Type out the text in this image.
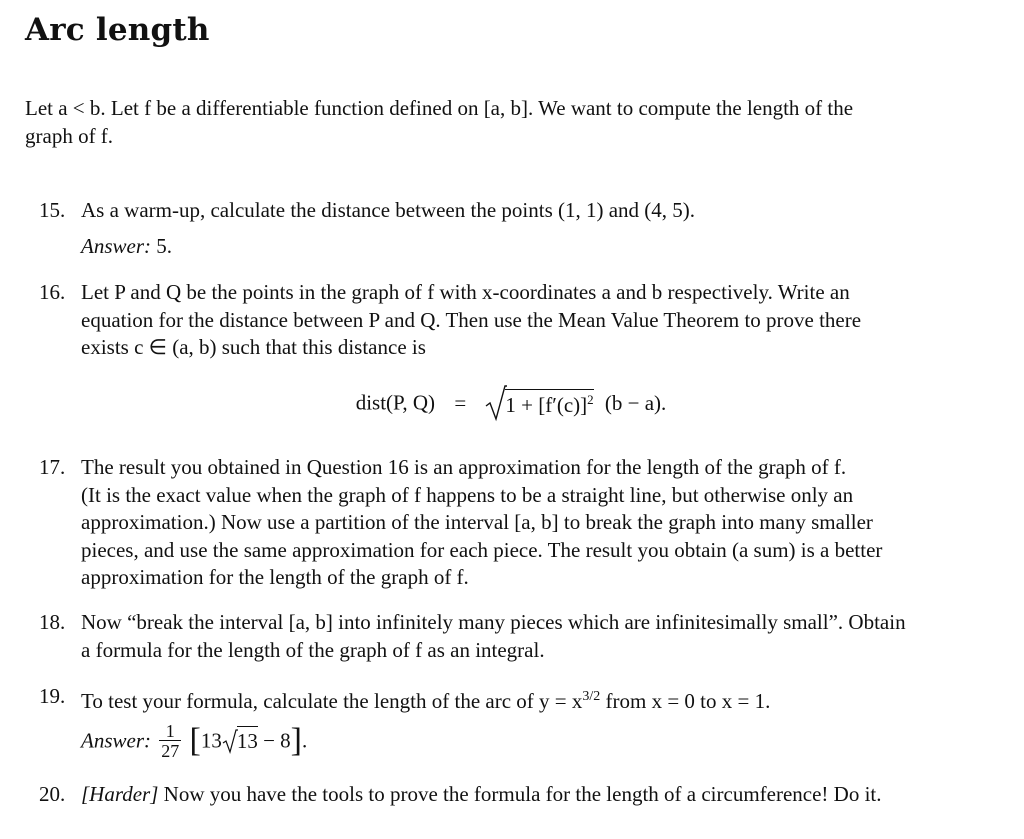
Arc length
Let a < b. Let f be a differentiable function defined on [a, b]. We want to compute the length of the
graph of f.
15. As a warm-up, calculate the distance between the points (1, 1) and (4, 5).
Answer: 5.
16. Let P and Q be the points in the graph of f with x-coordinates a and b respectively. Write an
equation for the distance between P and Q. Then use the Mean Value Theorem to prove there
exists c ∈ (a, b) such that this distance is
dist(P, $Q) = 1 + [f'(c)]^2$ (b − a).
17. The result you obtained in Question 16 is an approximation for the length of the graph of f.
(It is the exact value when the graph of f happens to be a straight line, but otherwise only an
approximation.) Now use a partition of the interval [a, b] to break the graph into many smaller
pieces, and use the same approximation for each piece. The result you obtain (a sum) is a better
approximation for the length of the graph of f.
18. Now “break the interval [a, b] into infinitely many pieces which are infinitesimally small”. Obtain
a formula for the length of the graph of f as an integral.
19. To test your formula, calculate the length of the arc of $y = x^{3/2}$ from x = 0 to x = 1.
Answer: $\frac{1}{27} [13$ 13 − 8].
20. [Harder] Now you have the tools to prove the formula for the length of a circumference! Do it.
